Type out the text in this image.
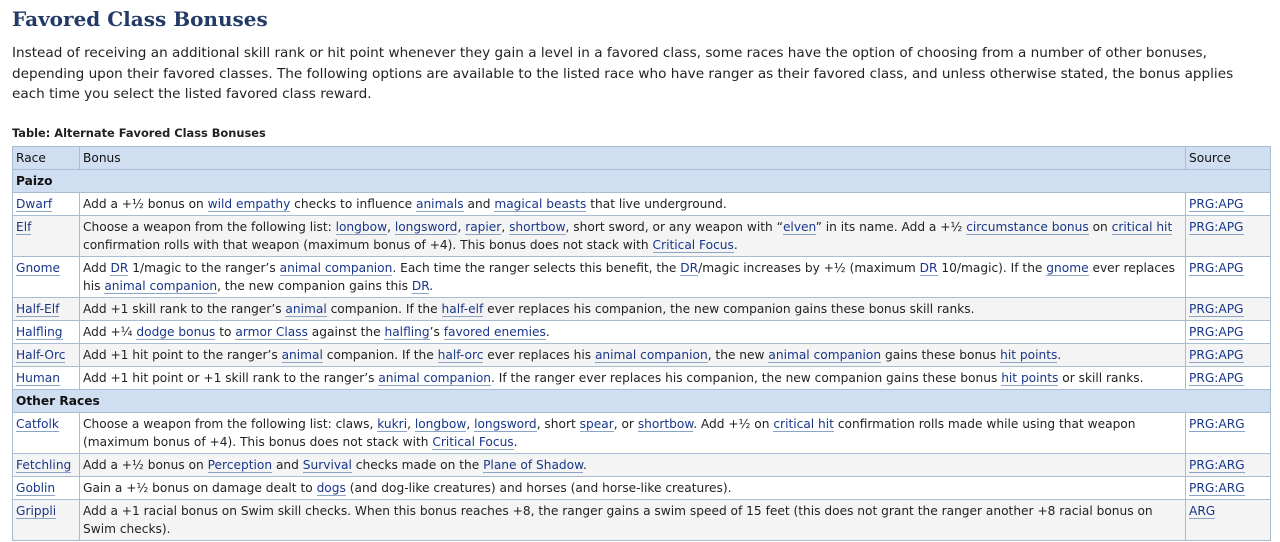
Favored Class Bonuses

Instead of receiving an additional skill rank or hit point whenever they gain a level in a favored class, some races have the option of choosing from a number of other bonuses, depending upon their favored classes. The following options are available to the listed race who have ranger as their favored class, and unless otherwise stated, the bonus applies each time you select the listed favored class reward.

Table: Alternate Favored Class Bonuses
Race	Bonus	Source
Paizo		
Dwarf	Add a +½ bonus on wild empathy checks to influence animals and magical beasts that live underground.	PRG:APG
Elf	Choose a weapon from the following list: longbow, longsword, rapier, shortbow, short sword, or any weapon with “elven” in its name. Add a +½ circumstance bonus on critical hit confirmation rolls with that weapon (maximum bonus of +4). This bonus does not stack with Critical Focus.	PRG:APG
Gnome	Add DR 1/magic to the ranger’s animal companion. Each time the ranger selects this benefit, the DR/magic increases by +½ (maximum DR 10/magic). If the gnome ever replaces his animal companion, the new companion gains this DR.	PRG:APG
Half-Elf	Add +1 skill rank to the ranger’s animal companion. If the half-elf ever replaces his companion, the new companion gains these bonus skill ranks.	PRG:APG
Halfling	Add +¼ dodge bonus to armor Class against the halfling’s favored enemies.	PRG:APG
Half-Orc	Add +1 hit point to the ranger’s animal companion. If the half-orc ever replaces his animal companion, the new animal companion gains these bonus hit points.	PRG:APG
Human	Add +1 hit point or +1 skill rank to the ranger’s animal companion. If the ranger ever replaces his companion, the new companion gains these bonus hit points or skill ranks.	PRG:APG
Other Races		
Catfolk	Choose a weapon from the following list: claws, kukri, longbow, longsword, short spear, or shortbow. Add +½ on critical hit confirmation rolls made while using that weapon (maximum bonus of +4). This bonus does not stack with Critical Focus.	PRG:ARG
Fetchling	Add a +½ bonus on Perception and Survival checks made on the Plane of Shadow.	PRG:ARG
Goblin	Gain a +½ bonus on damage dealt to dogs (and dog-like creatures) and horses (and horse-like creatures).	PRG:ARG
Grippli	Add a +1 racial bonus on Swim skill checks. When this bonus reaches +8, the ranger gains a swim speed of 15 feet (this does not grant the ranger another +8 racial bonus on Swim checks).	ARG
